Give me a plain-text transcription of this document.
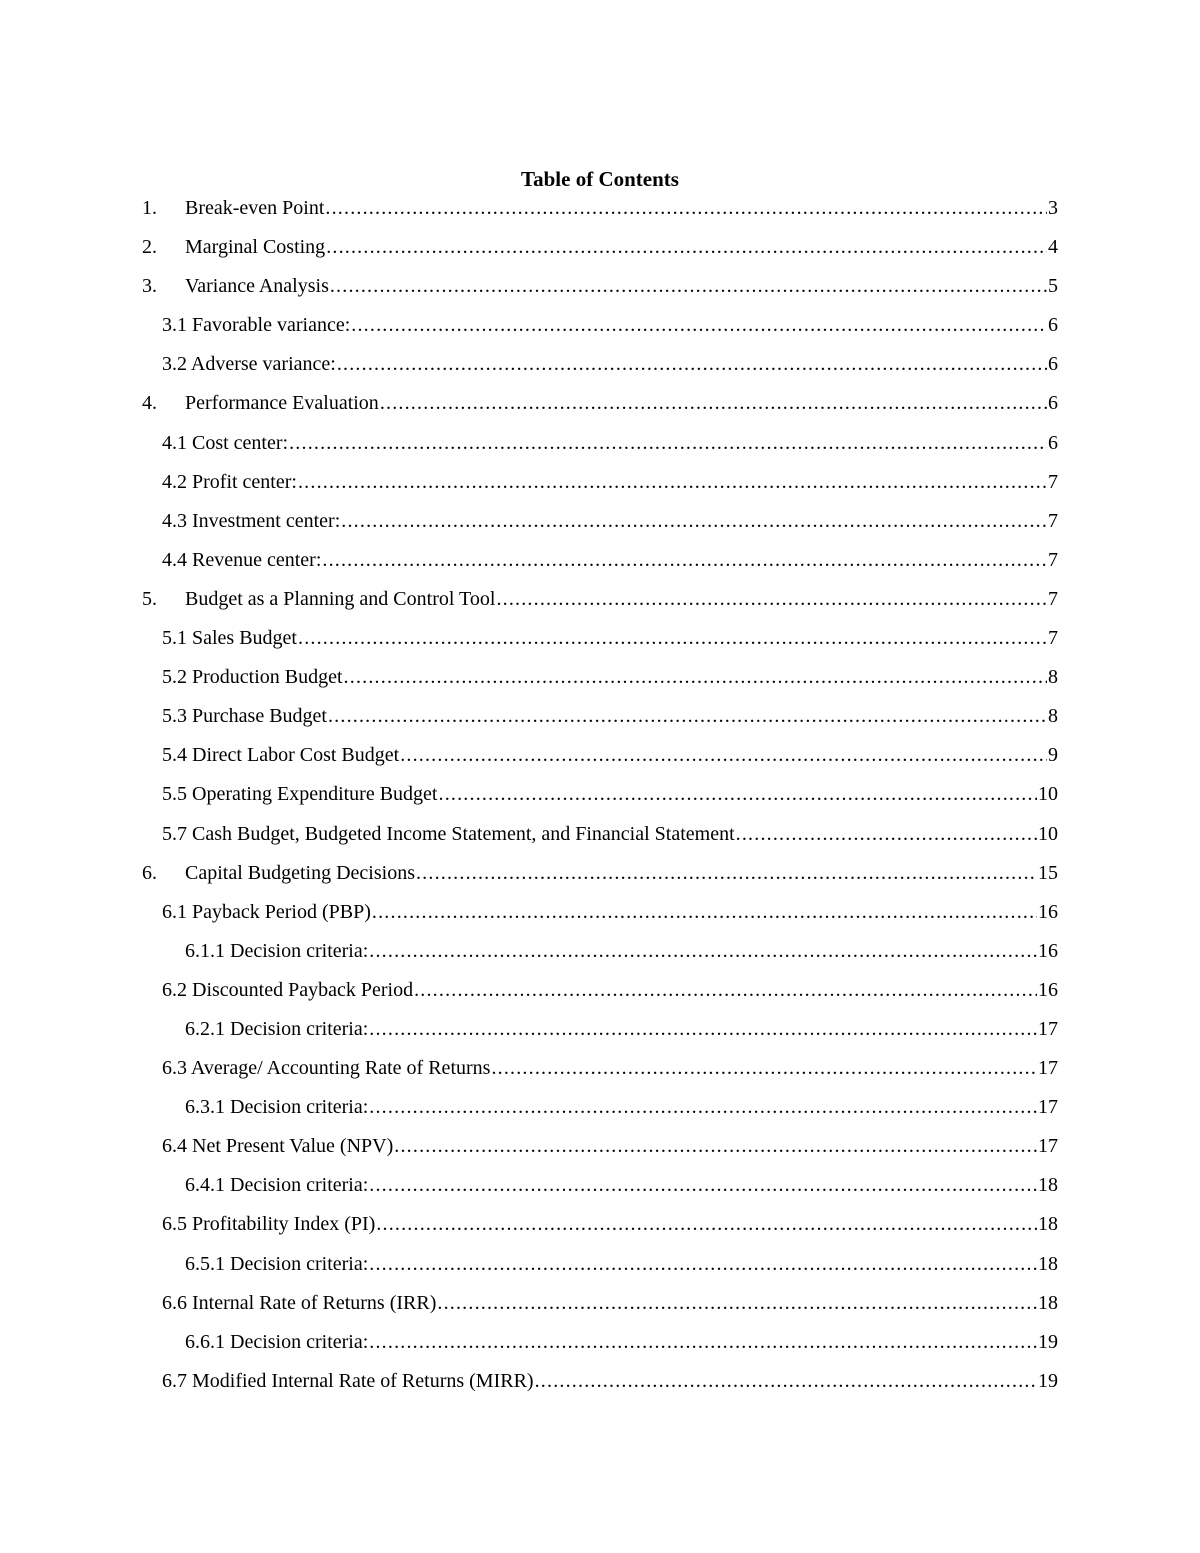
Table of Contents
1.	Break-even Point .....	3
2.	Marginal Costing .....	4
3.	Variance Analysis .....	5
3.1 Favorable variance: .....	6
3.2 Adverse variance: .....	6
4.	Performance Evaluation .....	6
4.1 Cost center: .....	6
4.2 Profit center: .....	7
4.3 Investment center: .....	7
4.4 Revenue center: .....	7
5.	Budget as a Planning and Control Tool .....	7
5.1 Sales Budget .....	7
5.2 Production Budget .....	8
5.3 Purchase Budget .....	8
5.4 Direct Labor Cost Budget .....	9
5.5 Operating Expenditure Budget .....	10
5.7 Cash Budget, Budgeted Income Statement, and Financial Statement .....	10
6.	Capital Budgeting Decisions .....	15
6.1 Payback Period (PBP) .....	16
6.1.1 Decision criteria: .....	16
6.2 Discounted Payback Period .....	16
6.2.1 Decision criteria: .....	17
6.3 Average/ Accounting Rate of Returns .....	17
6.3.1 Decision criteria: .....	17
6.4 Net Present Value (NPV) .....	17
6.4.1 Decision criteria: .....	18
6.5 Profitability Index (PI) .....	18
6.5.1 Decision criteria: .....	18
6.6 Internal Rate of Returns (IRR) .....	18
6.6.1 Decision criteria: .....	19
6.7 Modified Internal Rate of Returns (MIRR) .....	19
